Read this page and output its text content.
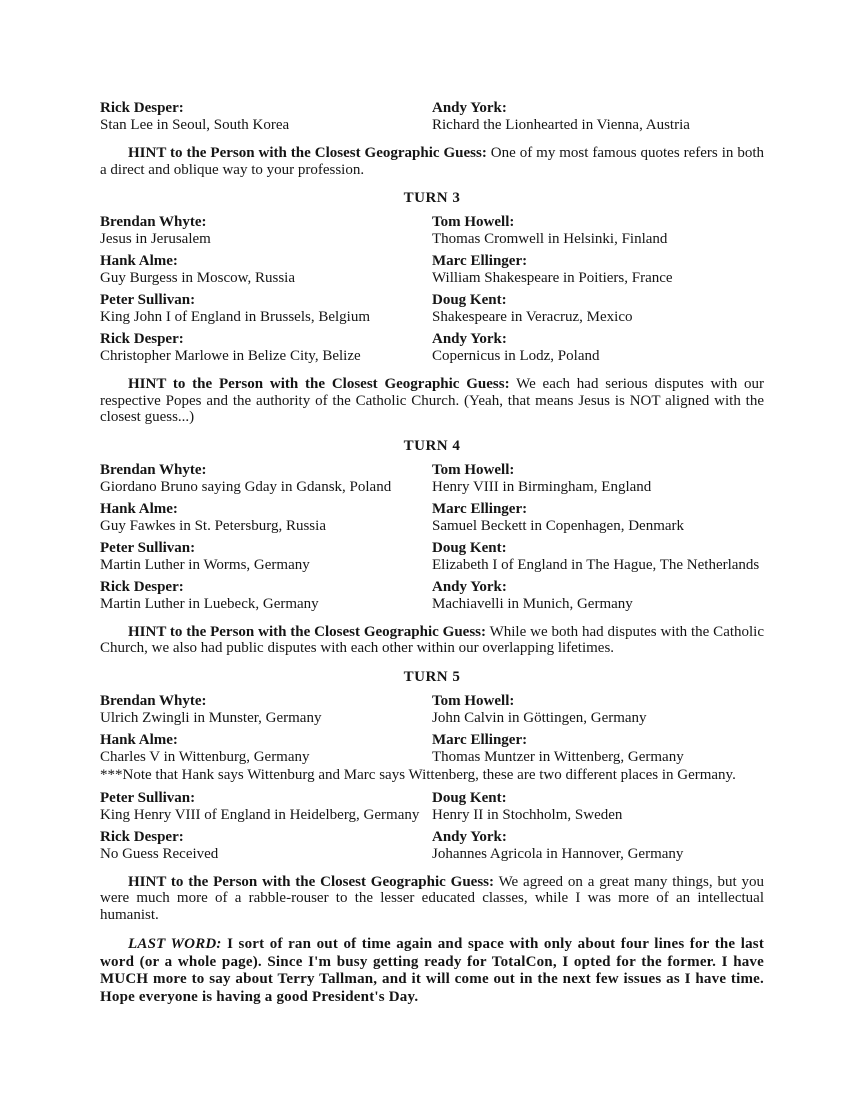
Rick Desper:
Stan Lee in Seoul, South Korea
Andy York:
Richard the Lionhearted in Vienna, Austria

HINT to the Person with the Closest Geographic Guess: One of my most famous quotes refers in both a direct and oblique way to your profession.

TURN 3
Brendan Whyte:
Jesus in Jerusalem
Tom Howell:
Thomas Cromwell in Helsinki, Finland
Hank Alme:
Guy Burgess in Moscow, Russia
Marc Ellinger:
William Shakespeare in Poitiers, France
Peter Sullivan:
King John I of England in Brussels, Belgium
Doug Kent:
Shakespeare in Veracruz, Mexico
Rick Desper:
Christopher Marlowe in Belize City, Belize
Andy York:
Copernicus in Lodz, Poland

HINT to the Person with the Closest Geographic Guess: We each had serious disputes with our respective Popes and the authority of the Catholic Church. (Yeah, that means Jesus is NOT aligned with the closest guess...)

TURN 4
Brendan Whyte:
Giordano Bruno saying Gday in Gdansk, Poland
Tom Howell:
Henry VIII in Birmingham, England
Hank Alme:
Guy Fawkes in St. Petersburg, Russia
Marc Ellinger:
Samuel Beckett in Copenhagen, Denmark
Peter Sullivan:
Martin Luther in Worms, Germany
Doug Kent:
Elizabeth I of England in The Hague, The Netherlands
Rick Desper:
Martin Luther in Luebeck, Germany
Andy York:
Machiavelli in Munich, Germany

HINT to the Person with the Closest Geographic Guess: While we both had disputes with the Catholic Church, we also had public disputes with each other within our overlapping lifetimes.

TURN 5
Brendan Whyte:
Ulrich Zwingli in Munster, Germany
Tom Howell:
John Calvin in Göttingen, Germany
Hank Alme:
Charles V in Wittenburg, Germany
Marc Ellinger:
Thomas Muntzer in Wittenberg, Germany
***Note that Hank says Wittenburg and Marc says Wittenberg, these are two different places in Germany.
Peter Sullivan:
King Henry VIII of England in Heidelberg, Germany
Doug Kent:
Henry II in Stochholm, Sweden
Rick Desper:
No Guess Received
Andy York:
Johannes Agricola in Hannover, Germany

HINT to the Person with the Closest Geographic Guess: We agreed on a great many things, but you were much more of a rabble-rouser to the lesser educated classes, while I was more of an intellectual humanist.

LAST WORD: I sort of ran out of time again and space with only about four lines for the last word (or a whole page). Since I'm busy getting ready for TotalCon, I opted for the former. I have MUCH more to say about Terry Tallman, and it will come out in the next few issues as I have time. Hope everyone is having a good President's Day.
